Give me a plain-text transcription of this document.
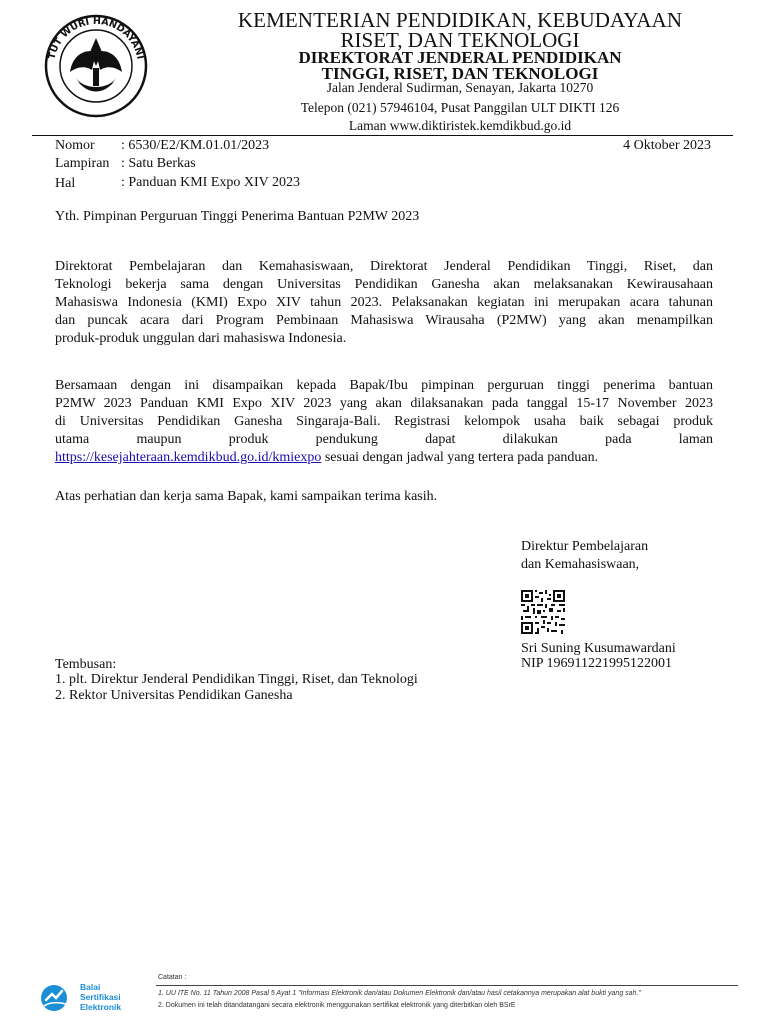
TUT WURI HANDAYANI
KEMENTERIAN PENDIDIKAN, KEBUDAYAAN
RISET, DAN TEKNOLOGI
DIREKTORAT JENDERAL PENDIDIKAN
TINGGI, RISET, DAN TEKNOLOGI
Jalan Jenderal Sudirman, Senayan, Jakarta 10270
Telepon (021) 57946104, Pusat Panggilan ULT DIKTI 126
Laman www.diktiristek.kemdikbud.go.id
Nomor : 6530/E2/KM.01.01/2023	4 Oktober 2023
Lampiran : Satu Berkas
Hal	: Panduan KMI Expo XIV 2023
Yth. Pimpinan Perguruan Tinggi Penerima Bantuan P2MW 2023
Direktorat Pembelajaran dan Kemahasiswaan, Direktorat Jenderal Pendidikan Tinggi, Riset, dan
Teknologi bekerja sama dengan Universitas Pendidikan Ganesha akan melaksanakan Kewirausahaan
Mahasiswa Indonesia (KMI) Expo XIV tahun 2023. Pelaksanakan kegiatan ini merupakan acara tahunan
dan puncak acara dari Program Pembinaan Mahasiswa Wirausaha (P2MW) yang akan menampilkan
produk-produk unggulan dari mahasiswa Indonesia.
Bersamaan dengan ini disampaikan kepada Bapak/Ibu pimpinan perguruan tinggi penerima bantuan
P2MW 2023 Panduan KMI Expo XIV 2023 yang akan dilaksanakan pada tanggal 15-17 November 2023
di Universitas Pendidikan Ganesha Singaraja-Bali. Registrasi kelompok usaha baik sebagai produk
utama maupun produk pendukung dapat dilakukan pada laman
https://kesejahteraan.kemdikbud.go.id/kmiexpo sesuai dengan jadwal yang tertera pada panduan.
Atas perhatian dan kerja sama Bapak, kami sampaikan terima kasih.
Direktur Pembelajaran
dan Kemahasiswaan,
Sri Suning Kusumawardani
NIP 196911221995122001
Tembusan:
1. plt. Direktur Jenderal Pendidikan Tinggi, Riset, dan Teknologi
2. Rektor Universitas Pendidikan Ganesha
Balai
Sertifikasi
Elektronik
Catatan :
1. UU ITE No. 11 Tahun 2008 Pasal 5 Ayat 1 "Informasi Elektronik dan/atau Dokumen Elektronik dan/atau hasil cetakannya merupakan alat bukti yang sah."
2. Dokumen ini telah ditandatangani secara elektronik menggunakan sertifikat elektronik yang diterbitkan oleh BSrE
